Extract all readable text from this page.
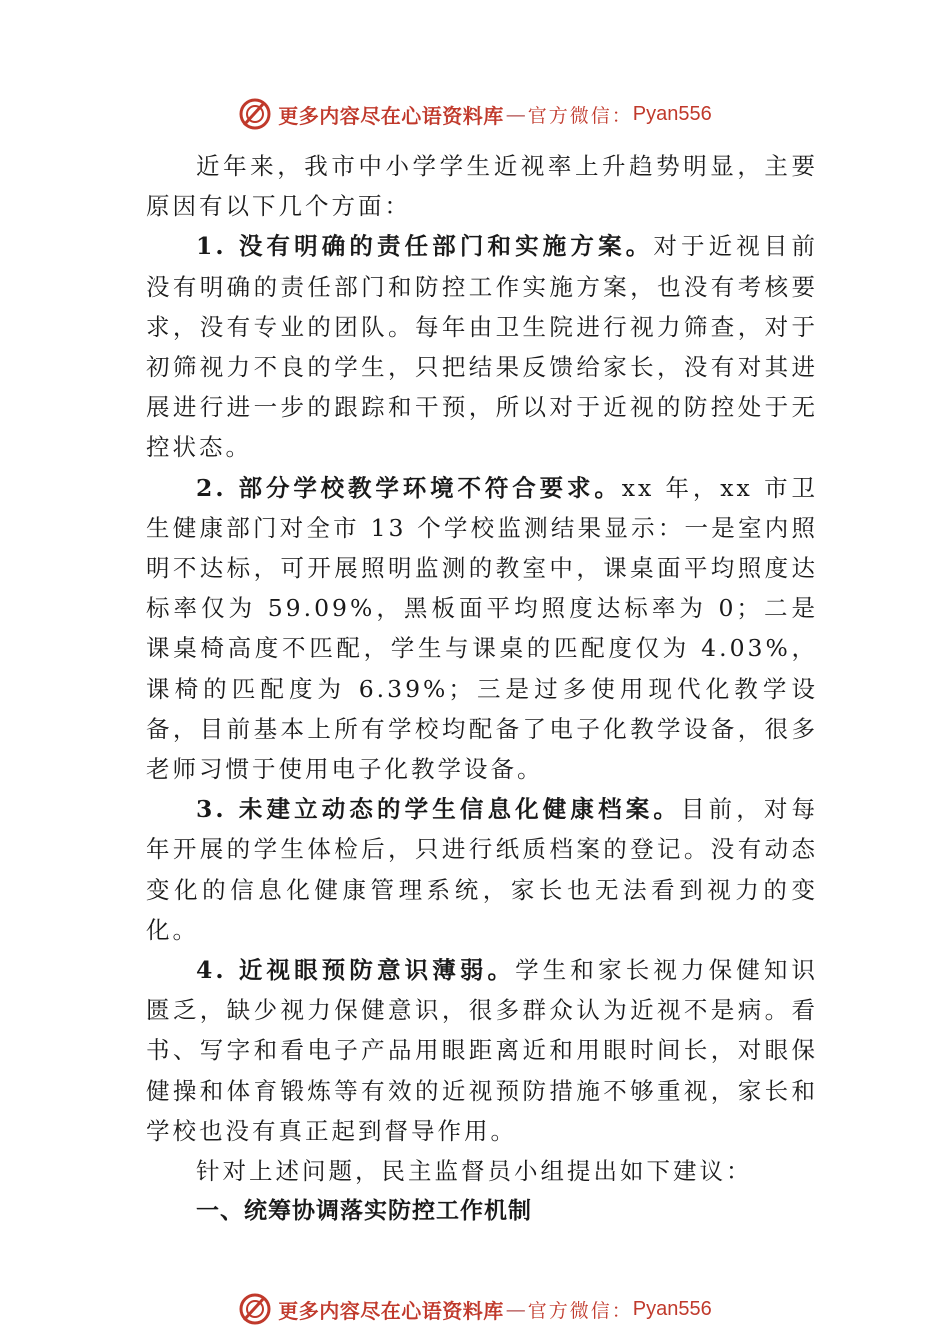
更多内容尽在心语资料库 — 官方微信： Pyan556

近年来，我市中小学学生近视率上升趋势明显，主要原因有以下几个方面：

1. 没有明确的责任部门和实施方案。对于近视目前没有明确的责任部门和防控工作实施方案，也没有考核要求，没有专业的团队。每年由卫生院进行视力筛查，对于初筛视力不良的学生，只把结果反馈给家长，没有对其进展进行进一步的跟踪和干预，所以对于近视的防控处于无控状态。

2. 部分学校教学环境不符合要求。xx 年，xx 市卫生健康部门对全市 13 个学校监测结果显示：一是室内照明不达标，可开展照明监测的教室中，课桌面平均照度达标率仅为 59.09%，黑板面平均照度达标率为 0；二是课桌椅高度不匹配，学生与课桌的匹配度仅为 4.03%，课椅的匹配度为 6.39%；三是过多使用现代化教学设备，目前基本上所有学校均配备了电子化教学设备，很多老师习惯于使用电子化教学设备。

3. 未建立动态的学生信息化健康档案。目前，对每年开展的学生体检后，只进行纸质档案的登记。没有动态变化的信息化健康管理系统，家长也无法看到视力的变化。

4. 近视眼预防意识薄弱。学生和家长视力保健知识匮乏，缺少视力保健意识，很多群众认为近视不是病。看书、写字和看电子产品用眼距离近和用眼时间长，对眼保健操和体育锻炼等有效的近视预防措施不够重视，家长和学校也没有真正起到督导作用。

针对上述问题，民主监督员小组提出如下建议：

一、统筹协调落实防控工作机制

更多内容尽在心语资料库 — 官方微信： Pyan556
